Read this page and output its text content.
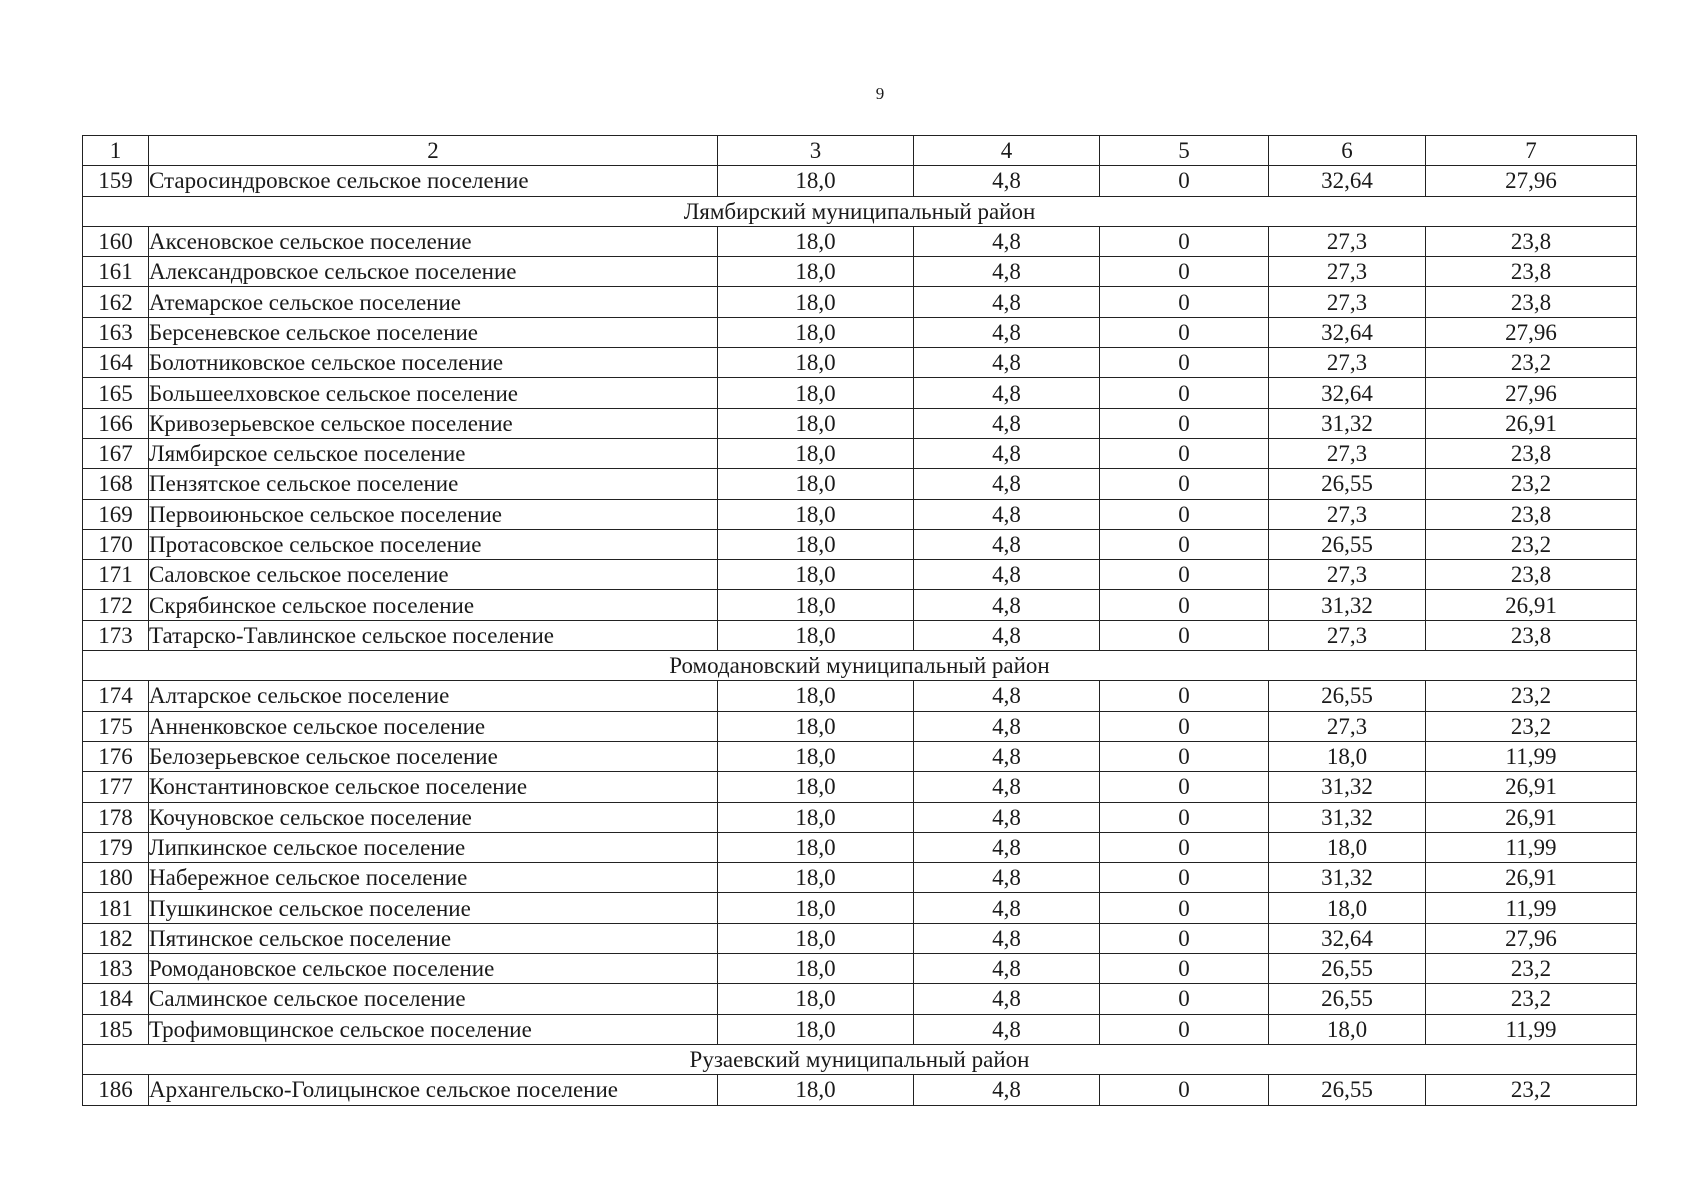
9
1	2	3	4	5	6	7
159	Старосиндровское сельское поселение	18,0	4,8	0	32,64	27,96
Лямбирский муниципальный район						
160	Аксеновское сельское поселение	18,0	4,8	0	27,3	23,8
161	Александровское сельское поселение	18,0	4,8	0	27,3	23,8
162	Атемарское сельское поселение	18,0	4,8	0	27,3	23,8
163	Берсеневское сельское поселение	18,0	4,8	0	32,64	27,96
164	Болотниковское сельское поселение	18,0	4,8	0	27,3	23,2
165	Большеелховское сельское поселение	18,0	4,8	0	32,64	27,96
166	Кривозерьевское сельское поселение	18,0	4,8	0	31,32	26,91
167	Лямбирское сельское поселение	18,0	4,8	0	27,3	23,8
168	Пензятское сельское поселение	18,0	4,8	0	26,55	23,2
169	Первоиюньское сельское поселение	18,0	4,8	0	27,3	23,8
170	Протасовское сельское поселение	18,0	4,8	0	26,55	23,2
171	Саловское сельское поселение	18,0	4,8	0	27,3	23,8
172	Скрябинское сельское поселение	18,0	4,8	0	31,32	26,91
173	Татарско-Тавлинское сельское поселение	18,0	4,8	0	27,3	23,8
Ромодановский муниципальный район						
174	Алтарское сельское поселение	18,0	4,8	0	26,55	23,2
175	Анненковское сельское поселение	18,0	4,8	0	27,3	23,2
176	Белозерьевское сельское поселение	18,0	4,8	0	18,0	11,99
177	Константиновское сельское поселение	18,0	4,8	0	31,32	26,91
178	Кочуновское сельское поселение	18,0	4,8	0	31,32	26,91
179	Липкинское сельское поселение	18,0	4,8	0	18,0	11,99
180	Набережное сельское поселение	18,0	4,8	0	31,32	26,91
181	Пушкинское сельское поселение	18,0	4,8	0	18,0	11,99
182	Пятинское сельское поселение	18,0	4,8	0	32,64	27,96
183	Ромодановское сельское поселение	18,0	4,8	0	26,55	23,2
184	Салминское сельское поселение	18,0	4,8	0	26,55	23,2
185	Трофимовщинское сельское поселение	18,0	4,8	0	18,0	11,99
Рузаевский муниципальный район						
186	Архангельско-Голицынское сельское поселение	18,0	4,8	0	26,55	23,2
